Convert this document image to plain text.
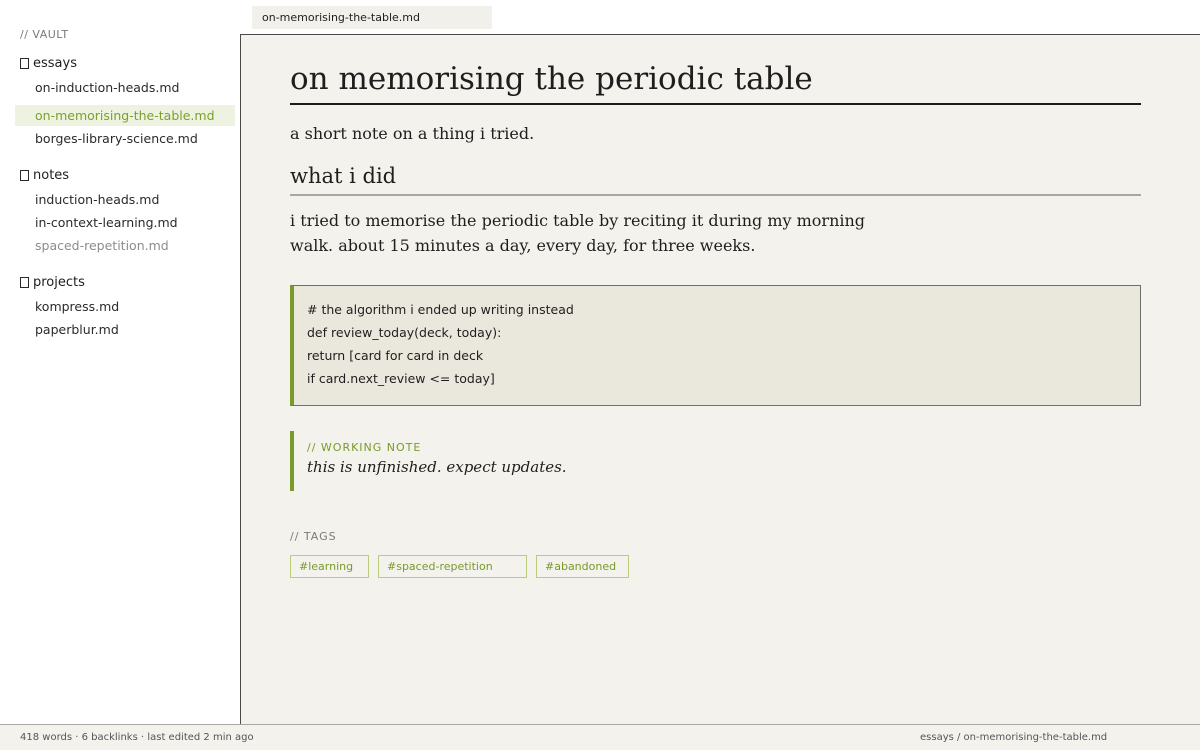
// VAULT
essays
on-induction-heads.md
on-memorising-the-table.md
borges-library-science.md
notes
induction-heads.md
in-context-learning.md
spaced-repetition.md
projects
kompress.md
paperblur.md
on-memorising-the-table.md
on memorising the periodic table
a short note on a thing i tried.
what i did
i tried to memorise the periodic table by reciting it during my morning
walk. about 15 minutes a day, every day, for three weeks.
# the algorithm i ended up writing instead
def review_today(deck, today):
return [card for card in deck
if card.next_review <= today]
// WORKING NOTE
this is unfinished. expect updates.
// TAGS
#learning	#spaced-repetition	#abandoned
418 words · 6 backlinks · last edited 2 min ago	essays / on-memorising-the-table.md
